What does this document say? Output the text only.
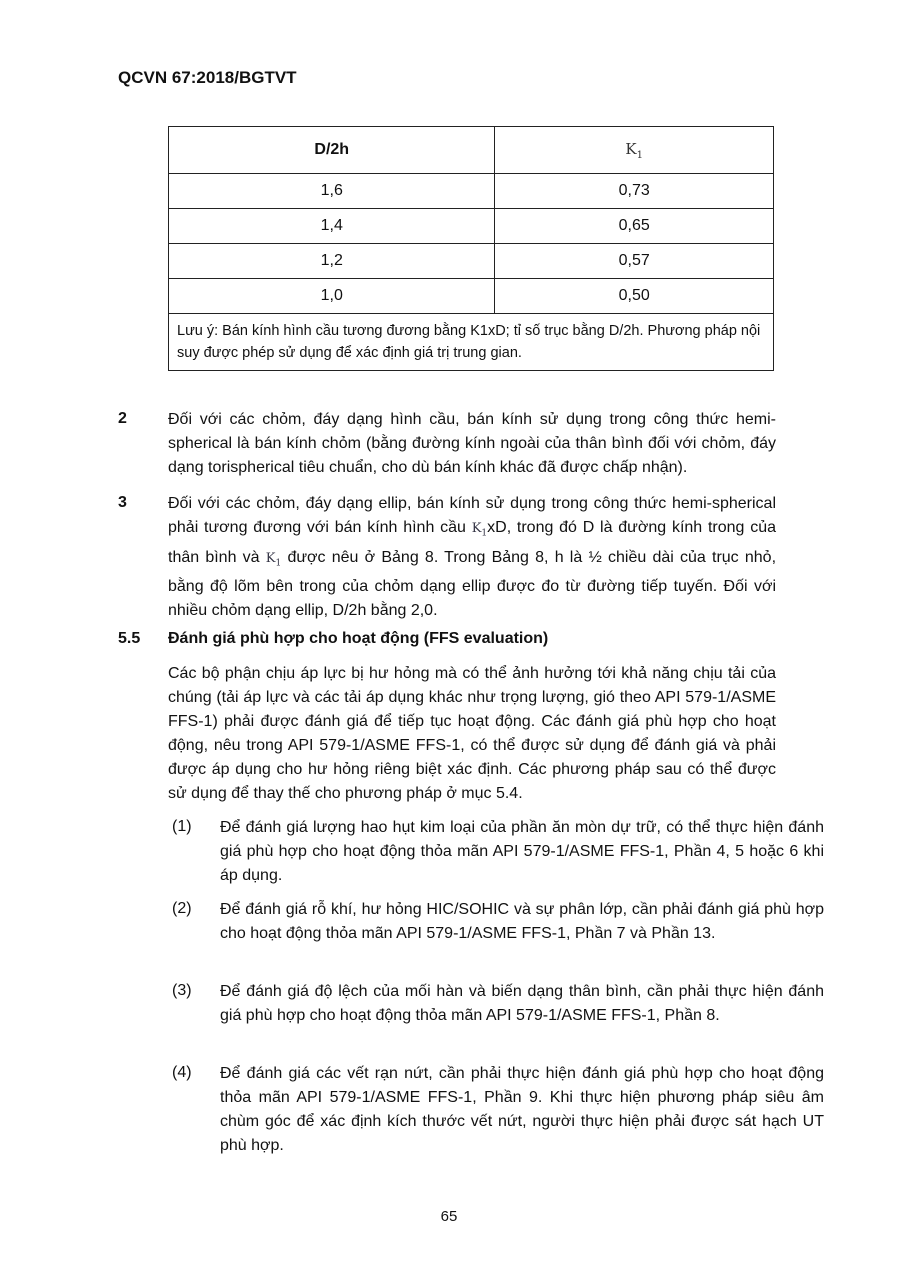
QCVN 67:2018/BGTVT
D/2h	$K_1$
1,6	0,73
1,4	0,65
1,2	0,57
1,0	0,50
Lưu ý: Bán kính hình cầu tương đương bằng K1xD; tỉ số trục bằng D/2h. Phương pháp nội suy được phép sử dụng để xác định giá trị trung gian.	
2	Đối với các chỏm, đáy dạng hình cầu, bán kính sử dụng trong công thức hemi-spherical là bán kính chỏm (bằng đường kính ngoài của thân bình đối với chỏm, đáy dạng torispherical tiêu chuẩn, cho dù bán kính khác đã được chấp nhận).
3	Đối với các chỏm, đáy dạng ellip, bán kính sử dụng trong công thức hemi-spherical phải tương đương với bán kính hình cầu $K_1xD$, trong đó D là đường kính trong của thân bình và $K_1$ được nêu ở Bảng 8. Trong Bảng 8, h là ½ chiều dài của trục nhỏ, bằng độ lõm bên trong của chỏm dạng ellip được đo từ đường tiếp tuyến. Đối với nhiều chỏm dạng ellip, D/2h bằng 2,0.
5.5 Đánh giá phù hợp cho hoạt động (FFS evaluation)
Các bộ phận chịu áp lực bị hư hỏng mà có thể ảnh hưởng tới khả năng chịu tải của chúng (tải áp lực và các tải áp dụng khác như trọng lượng, gió theo API 579-1/ASME FFS-1) phải được đánh giá để tiếp tục hoạt động. Các đánh giá phù hợp cho hoạt động, nêu trong API 579-1/ASME FFS-1, có thể được sử dụng để đánh giá và phải được áp dụng cho hư hỏng riêng biệt xác định. Các phương pháp sau có thể được sử dụng để thay thế cho phương pháp ở mục 5.4.
(1) Để đánh giá lượng hao hụt kim loại của phần ăn mòn dự trữ, có thể thực hiện đánh giá phù hợp cho hoạt động thỏa mãn API 579-1/ASME FFS-1, Phần 4, 5 hoặc 6 khi áp dụng.
(2) Để đánh giá rỗ khí, hư hỏng HIC/SOHIC và sự phân lớp, cần phải đánh giá phù hợp cho hoạt động thỏa mãn API 579-1/ASME FFS-1, Phần 7 và Phần 13.
(3) Để đánh giá độ lệch của mối hàn và biến dạng thân bình, cần phải thực hiện đánh giá phù hợp cho hoạt động thỏa mãn API 579-1/ASME FFS-1, Phần 8.
(4) Để đánh giá các vết rạn nứt, cần phải thực hiện đánh giá phù hợp cho hoạt động thỏa mãn API 579-1/ASME FFS-1, Phần 9. Khi thực hiện phương pháp siêu âm chùm góc để xác định kích thước vết nứt, người thực hiện phải được sát hạch UT phù hợp.
65
